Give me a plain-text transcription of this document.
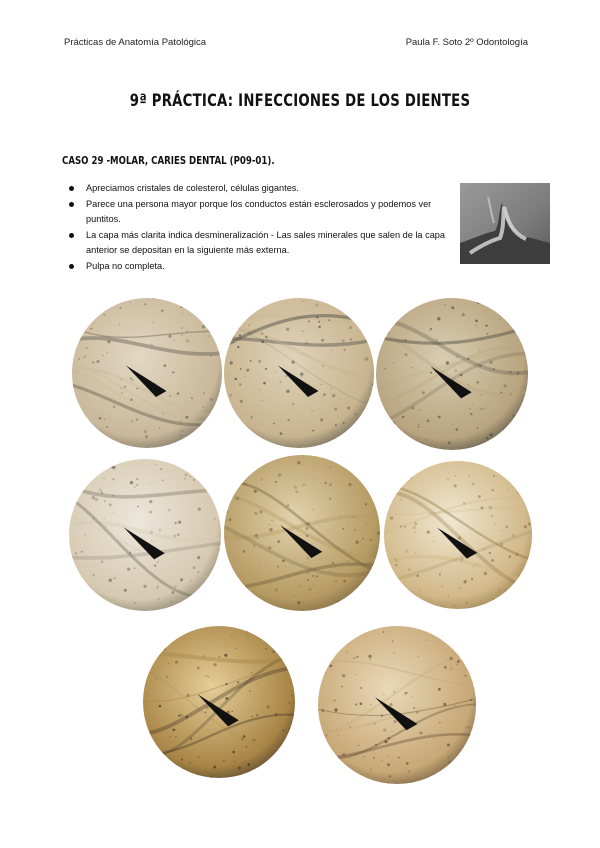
Prácticas de Anatomía Patológica	Paula F. Soto 2º Odontología
9ª PRÁCTICA: INFECCIONES DE LOS DIENTES
CASO 29 -MOLAR, CARIES DENTAL (P09-01).
Apreciamos cristales de colesterol, células gigantes.
Parece una persona mayor porque los conductos están esclerosados y podemos ver puntitos.
La capa más clarita indica desmineralización - Las sales minerales que salen de la capa anterior se depositan en la siguiente más externa.
Pulpa no completa.
